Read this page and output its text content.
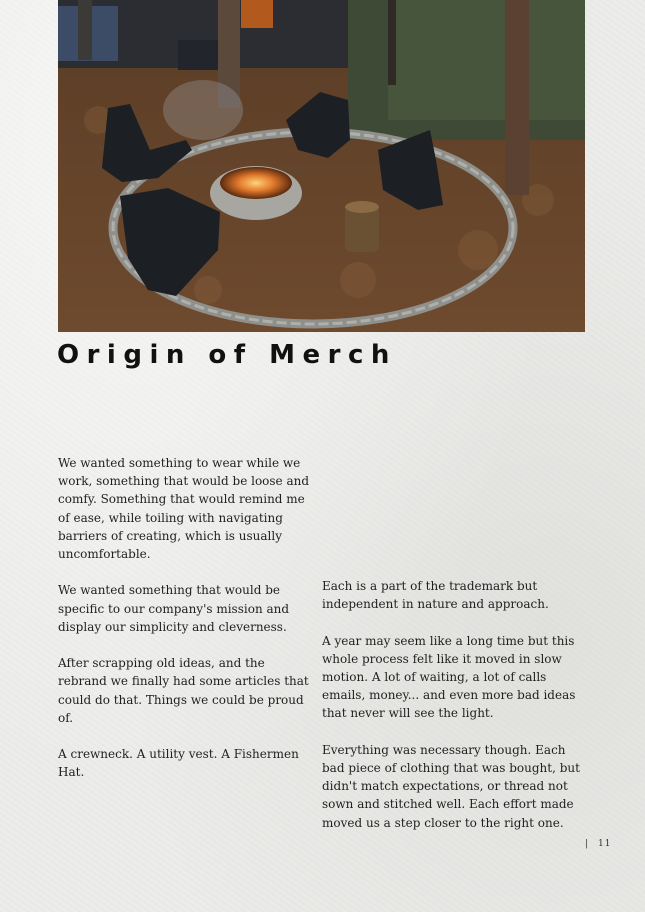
Origin of Merch

We wanted something to wear while we work, something that would be loose and comfy. Something that would remind me of ease, while toiling with navigating barriers of creating, which is usually uncomfortable.

We wanted something that would be specific to our company's mission and display our simplicity and cleverness.

After scrapping old ideas, and the rebrand we finally had some articles that could do that. Things we could be proud of.

A crewneck. A utility vest. A Fishermen Hat.

Each is a part of the trademark but independent in nature and approach.

A year may seem like a long time but this whole process felt like it moved in slow motion. A lot of waiting, a lot of calls emails, money... and even more bad ideas that never will see the light.

Everything was necessary though. Each bad piece of clothing that was bought, but didn't match expectations, or thread not sown and stitched well. Each effort made moved us a step closer to the right one.

| 11
